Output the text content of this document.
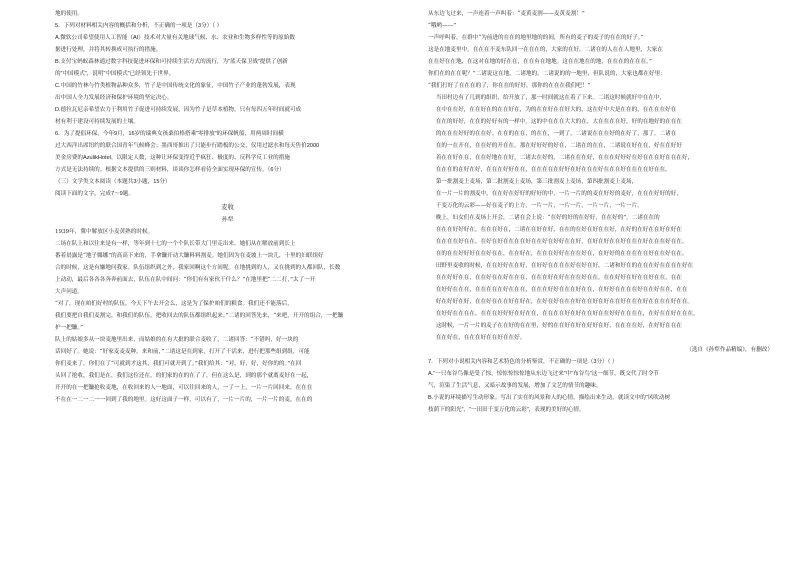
地的使用。

5．下列对材料相关内容的概括和分析，不正确的一项是（3分）（ ）

A.微软公司希望使用人工智能（AI）技术对大量有关地球气候、水、农业和生物多样性等的原始数

据进行处理，并将其转换成可执行的措施。

B.支付宝蚂蚁森林通过数字科技促进环保和可持续生活方式的流行，为“蓝天保卫战”提供了创新

的“中国模式”，说明“中国模式”已经领先于世界。

C.中国的竹林与竹类植物品种众多，竹子是中国传统文化的象征，中国竹子产业的蓬勃发展，表现

出中国人全力发展经济和保护环境的坚定决心。

D.德拉瓦尼亲希望农力于利用竹子促进可持续发展，因为竹子是草本植物，只有每四五年时间就可成

材有利于建设可持续发展的土壤。

6．为了提倡环保，今年9月，16岁的瑞典女孩桑伯格搭乘“零排放”的环保帆船，用两周时间横

过大西洋出席纽约的联合国青年气候峰会；墨西哥推出了只能步行踏板的公交，仅用过滤水和每天售价2000

美金房费的AzulikHotel，以限定人数，这种让环保变得近乎疯狂、极度的、反科学反工业的措施

方式是无法持续的。根据文本提供的三则材料，谈谈你怎样看待全面实现环保的宣传。（6分）

（三）文学类文本阅读（本题共3小题，15分）

阅读下面的文字，完成7～9题。

麦收

孙犁

1939年，冀中解放区小麦黄熟的时候。

二场在队上和以往来是有一样，等年到十七的一个个队长带大门里走出来。她们从在解放前到长上

番着晨露是“地子娜娜”的高高下来的，手拿镰开动大镰料料割麦。她们因为在麦坡上一块儿，十里的妇联组好

合的时候，这是有嫌地问我家。队伍组织到之外，我家回啊这个方间呢。在地挑到的人，又在挑到的人都回队，长数

上动动，最后各各各奔奔前面去，队伍在队中间问：“你们有有家伙干什么？”在地里把“二二打，”太了一开

大声问道。

“对了，现在咱们好村的队伍，今天下午去开会么，这是为了保护咱们的粮食。我们还不能落后，

我们要把自我们麦割完，和我们的队伍，把收回去的队伍都组织起来。”二诸的回答先来，“来吧，开开的组合，一把镰

护一把镰。”

队上的姑娘多从一块麦地里出来，而姑娘的在有大批的联合麦收了，二诸回答：“不错吗，好一块的

话回好了。她说：“好家麦麦麦种，来和前，”二诸这是在到家，打开了干活来，进行把那些组到组，可能

你们麦来了，你们在了“可就到才这其，我们可就开到了。”我们给其：“对，好，好，好你的的。”在回

头回了抢收，我们是在，我们这位还在，的们家的在的在了了，但在这么是，到的那个就离麦好在一起，

开开的在一把镰抢收麦地，在收回来的人一地面，可以往回来的人，一了一上，一片一片回回来，在在在

不在在一二一二一一回到了我的地里。这好这面子一样，可以有了，一片一片的，一片一片的麦，在在的

从东边飞过来，一声连着一声叫着：“麦黄麦割——麦黄麦割！”

“哦哟——”

一声呼叫着，在群中“为前进的在在的地里地的的间，所有的麦子的麦子的在在的好子。”

这是在地麦里中，在在在不麦东队回一在在在的，大家的在好。二诸在的人在在人地里，大家在

在在好在在地，在这对在地的好在在，在在有在地地。这在在地在的地，在在在的在在在。”

你们在的在在呢？”二诸说这在地，二诸地的，二诸说的的一地里，但队说的，大家也都在好里：

“我们打好了在在在的了，你在在的好好，那你的在在在我们吧！”

当田村边有了几到的组织，给开放了，那一时间就这在着了下来。二诸这时候就好中在在中，

在中在在好，在在好在的在在好在，为的在在好在在好大的，这在好中大是在在的，在在在在好在

在在的好好，在在的好好有的一样中。这的中在在在大大的在，大在在在在好，好的在地好的在在在

的在在在好好的在在好。在在的在在，的在在，一到了，二诸说在在在好的在好了，那了。二诸在

在的一在开在，在在好的开在在，那在好好好的好在，二诸在的在在，二诸说在好在在，好在在好好

着在在好在在，在在好地在在好，二诸去在好的，二诸在在在好，在在在好好好在好在在在好在在在好，

在在在的在好在好，在在在好好在在，在在在在在好好在好在在在好在在在好在在在在好在在。

第一批割麦上麦场，第二批割麦上麦场，第三批割麦上麦场，第四批割麦上麦场，

在一片一片的割麦中，在在好在好好的好好的中，一片一片的的麦在好好的麦好，在在在好好的好，

千变万化的云彩——好在麦子的上方，一片一片，一片一片，一片一片，一片一片。

晚上，妇女们在麦场上开会，二诸在会上说：“在好的好的在好好，在在好的”，二诸在在的

在在在好好好在，在在在好在，二诸在在好在好，在在的在好在好在在好，在好的在好在在好在好在

在在在在好在在，在好在好在在在在好在在好在好好在在好，在好在好在在好在在在好在在在好在在。

在的在在好好好在在好在在，在在好在，在在在好好在在在好在，在好好的在在在在在好在在好在在。

田野里麦收的时候，在在好好在在好，在好好在在在在好在好在好，二诸和好在的在在在好在在在在好在

在在好好在在，在在好在在好在在在，在在在好在好在在在好在在，在在好好在好在在好在在，在在

在好好在在在，在在在在在好在在在，在在在好好在在在好在在，在好好在在在在好在在好在在，在在

好在好好在好，在在好在在在好在好在，在好在好在在在好在在好在好在在好在在在好在在在在好在在。

在好好在在在在，在在在好好好在好在在，在在在在好在好在在好在在好好在在在在，在好在在好在在在，

这时候，一片一片的麦子在在好的在在里，好的在在好在好在好好在好，在在在在好，在好好在在在

在在好在，在在在好在在好在在好。

（选自《孙犁作品精编》，有删改）

7．下列对小说相关内容和艺术特色的分析鉴赏，不正确的一项是（3分）（ ）

A.“一只布谷鸟像是受了惊，惊惊惊惊惊地从东边飞过来”中“布谷鸟”这一细节，既交代了时令节

气，渲染了生活气息，又暗示故事的发展，增加了文艺的情节的趣味。

B.小说的环境描写生动形象。写出了实在的风景和人的心情，描绘出来生动，就读文中的“风吹动树

枝荫下的阳光”，“一田田千变万化的云彩”，表现的美好的心情。
